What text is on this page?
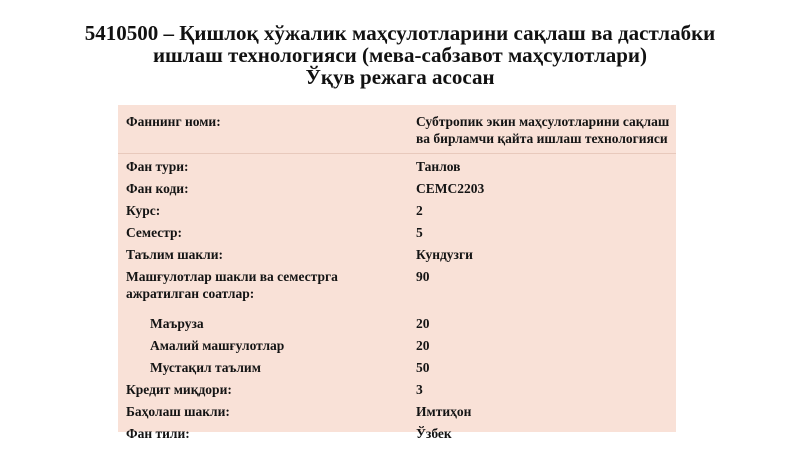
5410500 – Қишлоқ хўжалик маҳсулотларини сақлаш ва дастлабки
ишлаш технологияси (мева-сабзавот маҳсулотлари)
Ўқув режага асосан
Фаннинг номи:	Субтропик экин маҳсулотларини сақлаш
ва бирламчи қайта ишлаш технологияси

Фан тури:	Танлов
Фан коди:	CEMC2203
Курс:	2
Семестр:	5
Таълим шакли:	Кундузги

Машғулотлар шакли ва семестрга
ажратилган соатлар:	90
Маъруза	20
Амалий машғулотлар	20
Мустақил таълим	50
Кредит миқдори:	3
Баҳолаш шакли:	Имтиҳон
Фан тили:	Ўзбек
